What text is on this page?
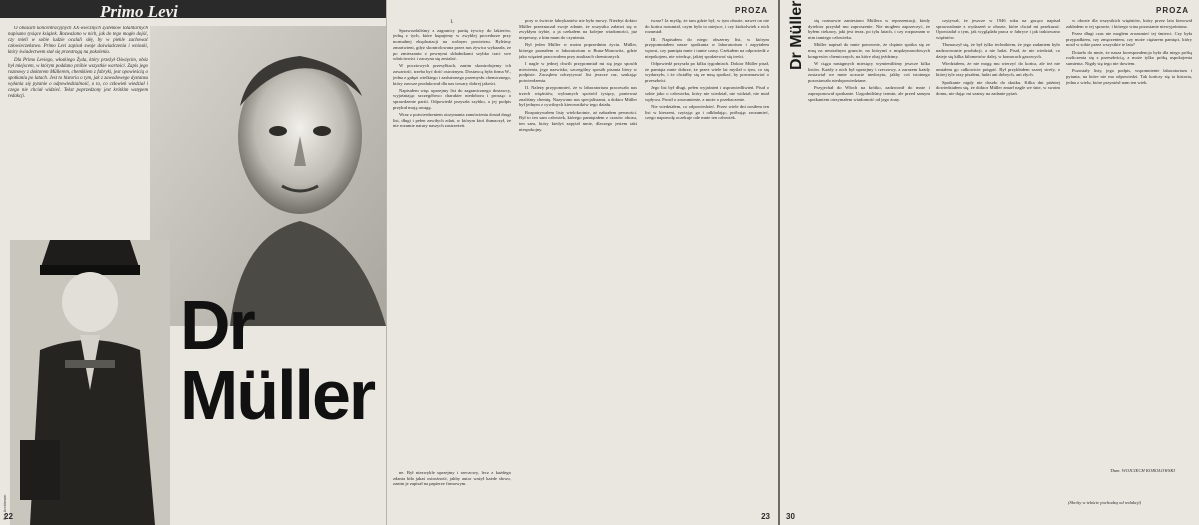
Primo Levi

O obozach koncentracyjnych XX-wiecznych systemów totalitarnych napisano tysiące książek. Rozważano w nich, jak do tego mogło dojść, czy mieli w sobie ludzie ocalali siłę, by w piekle zachować człowieczeństwo. Primo Levi zapisał swoje doświadczenia i wnioski, który świadectwem stał się przestrogą na pokolenia.

Dla Primo Leviego, włoskiego Żyda, który przeżył Oświęcim, obóz był miejscem, w którym poddano próbie wszystkie wartości. Zapis jego rozmowy z doktorem Müllerem, chemikiem z fabryki, jest opowieścią o spotkaniu po latach. Jest to historia o tym, jak z zawodowego dystansu wyłania się pytanie o odpowiedzialność, o to, co człowiek wiedział i czego nie chciał widzieć. Tekst poprzedzony jest krótkim wstępem redakcji.

Fot. Archiwum
Dr Müller
22
PROZA
I.

Sprawozdaliśmy z zagranicy partię żywicy do lakierów, jedną z tych, które kupujemy w zwykłej procedurze przy normalnej eksploatacji na wolnym powietrzu. Byliśmy zmartwieni, gdyż skontrolowana przez nas żywica wykazała, że po zmieszaniu z pewnymi składnikami szybko traci swe właściwości i zaczyna się zestalać.

W pocztowych przesyłkach, zanim skontrolujemy ich zawartość, trzeba być dość ostrożnym. Dostawcą była firma W., jedna z gałęzi wielkiego i zasłużonego przemysłu chemicznego, który zawsze produkował dla nas towary dobrej jakości.

Napisałem więc uprzejmy list do zagranicznego dostawcy, wyjaśniając szczegółowo charakter niedoboru i prosząc o sprawdzenie partii. Odpowiedź przyszła szybko, a jej podpis przykuł moją uwagę.

Wraz z potwierdzeniem otrzymania zamówienia dostał drugi list, długi i pełen zawiłych zdań, w którym ktoś tłumaczył, że nie rozumie natury naszych zastrzeżeń.

pory w świecie fabrykantów nie było mowy. Niezbyt doktor Müller przeznaczał swoje zdanie, że wszystko załatwi się w zwykłym trybie, a ja czekałem na kolejne wiadomości, już niepewny, z kim mam do czynienia.

Był jeden Müller w moim poprzednim życiu. Müller, którego poznałem w laboratorium w Buna-Monowitz, gdzie jako więzień pracowałem przy analizach chemicznych.

I nagle w jednej chwili przypomniał mi się jego sposób mówienia, jego nazwisko, szczególny sposób pisania litery w podpisie. Zacząłem odczytywać list jeszcze raz, szukając potwierdzenia.

II. Należy przypomnieć, że w laboratorium pracowało nas trzech więźniów, wybranych spośród tysięcy, ponieważ znaliśmy chemię. Nazywano nas specjalistami, a doktor Müller był jednym z cywilnych kierowników tego działu.

Rozpatrywałem listy wielokrotnie, aż nabrałem pewności. Był to ten sam człowiek, którego pamiętałem z czasów obozu, ten sam, który kiedyś zapytał mnie, dlaczego jestem taki niespokojny.

twarz? Ja myślę, że tam gdzie był, w tym obozie, nawet on nie do końca rozumiał, czym było to miejsce, i czy ktokolwiek z nich rozumiał.

III. Napisałem do niego obszerny list, w którym przypomniałem nasze spotkania w laboratorium i zapytałem wprost, czy pamięta mnie i tamte czasy. Czekałem na odpowiedź z niepokojem, nie wiedząc, jakiej spodziewać się treści.

Odpowiedź przyszła po kilku tygodniach. Doktor Müller pisał, że pamięta mnie dobrze, że przez wiele lat myślał o tym, co się wydarzyło, i że chciałby się ze mną spotkać, by porozmawiać o przeszłości.

Jego list był długi, pełen wyjaśnień i usprawiedliwień. Pisał o sobie jako o człowieku, który nie wiedział, nie widział, nie miał wpływu. Prosił o zrozumienie, a może o przebaczenie.

Nie wiedziałem, co odpowiedzieć. Przez wiele dni nosiłem ten list w kieszeni, czytając go i odkładając, próbując zrozumieć, czego naprawdę oczekuje ode mnie ten człowiek.

ne. Był niezwykle uprzejmy i rzeczowy, lecz z każdego zdania biła jakaś ostrożność, jakby autor ważył każde słowo, zanim je zapisał na papierze firmowym.

23
PROZA
Dr Müller	się rozmowie zaniesiono Müllera w reprezentacji, kiedy dyrektor przysłał mu zaproszenie. Nie mogłem zaprzeczyć, że byłem ciekawy, jaki jest teraz, po tylu latach, i czy rozpoznam w nim tamtego człowieka.

Müller napisał do mnie ponownie, że chętnie spotka się ze mną na neutralnym gruncie, na którymś z międzynarodowych kongresów chemicznych, na które obaj jeździmy.

W ciągu następnych miesięcy wymieniliśmy jeszcze kilka listów. Każdy z nich był uprzejmy i rzeczowy, a zarazem każdy zostawiał we mnie uczucie niedosytu, jakby coś istotnego pozostawało niedopowiedziane.

Przyjechał do Włoch na krótko, zadzwonił do mnie i zaproponował spotkanie. Uzgodniliśmy termin, ale przed samym spotkaniem otrzymałem wiadomość od jego żony.

czytywał, że jeszcze w 1946 roku na gorąco napisał sprawozdanie z wydarzeń w obozie, które chciał mi przekazać. Opowiadał o tym, jak wyglądała praca w fabryce i jak traktowano więźniów.

Tłumaczył się, że był tylko technikiem, że jego zadaniem było nadzorowanie produkcji, a nie ludzi. Pisał, że nie wiedział, co dzieje się kilka kilometrów dalej, w komorach gazowych.

Wiedziałem, że nie mogę mu wierzyć do końca, ale też nie umiałem go całkowicie potępić. Był przykładem szarej strefy, o której tyle razy pisałem, ludzi ani dobrych, ani złych.

Spotkanie nigdy nie doszło do skutku. Kilka dni później dowiedziałem się, że doktor Müller zmarł nagle we śnie, w swoim domu, nie dając mi szansy na zadanie pytań.

w obozie dla wszystkich więźniów, który przez lata kierował zakładem w tej sprawie, i którego wina pozostanie niewyjaśniona.

Przez długi czas nie mogłem zrozumieć tej śmierci. Czy była przypadkiem, czy zmęczeniem, czy może ciężarem pamięci, który nosił w sobie przez wszystkie te lata?

Dotarło do mnie, że nasza korespondencja była dla niego próbą rozliczenia się z przeszłością, a może tylko próbą uspokojenia sumienia. Nigdy się tego nie dowiem.

Pozostały listy, jego podpis, wspomnienie laboratorium i pytania, na które nie ma odpowiedzi. Tak kończy się ta historia, jedna z wielu, które przyniósł nam ten wiek.

Tłum. WOJCIECH KOROŁOWSKI
(Skróty w tekście pochodzą od redakcji)
30
